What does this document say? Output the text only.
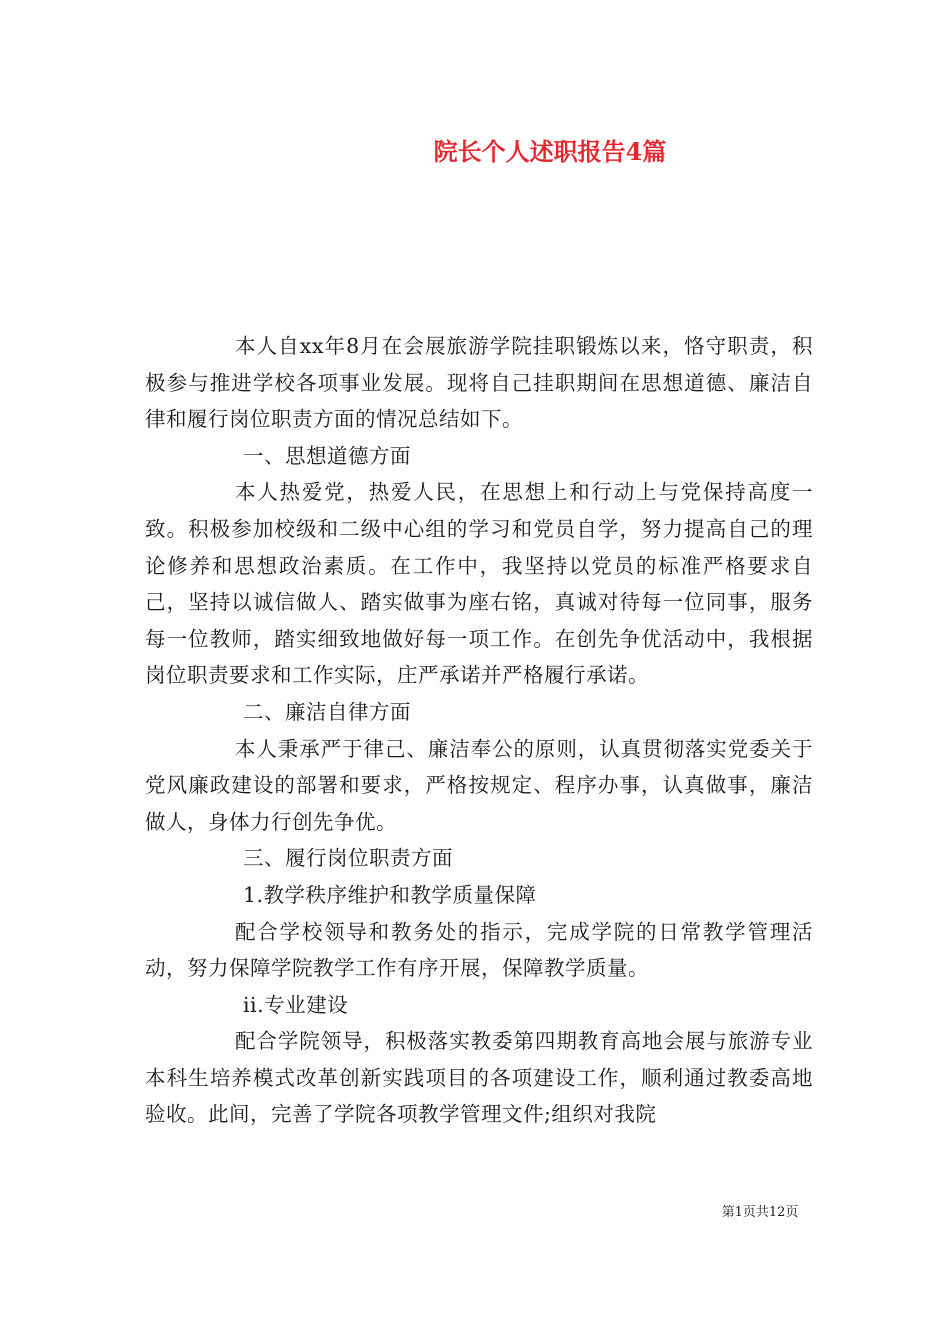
院长个人述职报告4篇

本人自xx年8月在会展旅游学院挂职锻炼以来，恪守职责，积极参与推进学校各项事业发展。现将自己挂职期间在思想道德、廉洁自律和履行岗位职责方面的情况总结如下。

一、思想道德方面

本人热爱党，热爱人民，在思想上和行动上与党保持高度一致。积极参加校级和二级中心组的学习和党员自学，努力提高自己的理论修养和思想政治素质。在工作中，我坚持以党员的标准严格要求自己，坚持以诚信做人、踏实做事为座右铭，真诚对待每一位同事，服务每一位教师，踏实细致地做好每一项工作。在创先争优活动中，我根据岗位职责要求和工作实际，庄严承诺并严格履行承诺。

二、廉洁自律方面

本人秉承严于律己、廉洁奉公的原则，认真贯彻落实党委关于党风廉政建设的部署和要求，严格按规定、程序办事，认真做事，廉洁做人，身体力行创先争优。

三、履行岗位职责方面

1.教学秩序维护和教学质量保障

配合学校领导和教务处的指示，完成学院的日常教学管理活动，努力保障学院教学工作有序开展，保障教学质量。

ii.专业建设

配合学院领导，积极落实教委第四期教育高地会展与旅游专业本科生培养模式改革创新实践项目的各项建设工作，顺利通过教委高地验收。此间，完善了学院各项教学管理文件;组织对我院

第1页共12页
